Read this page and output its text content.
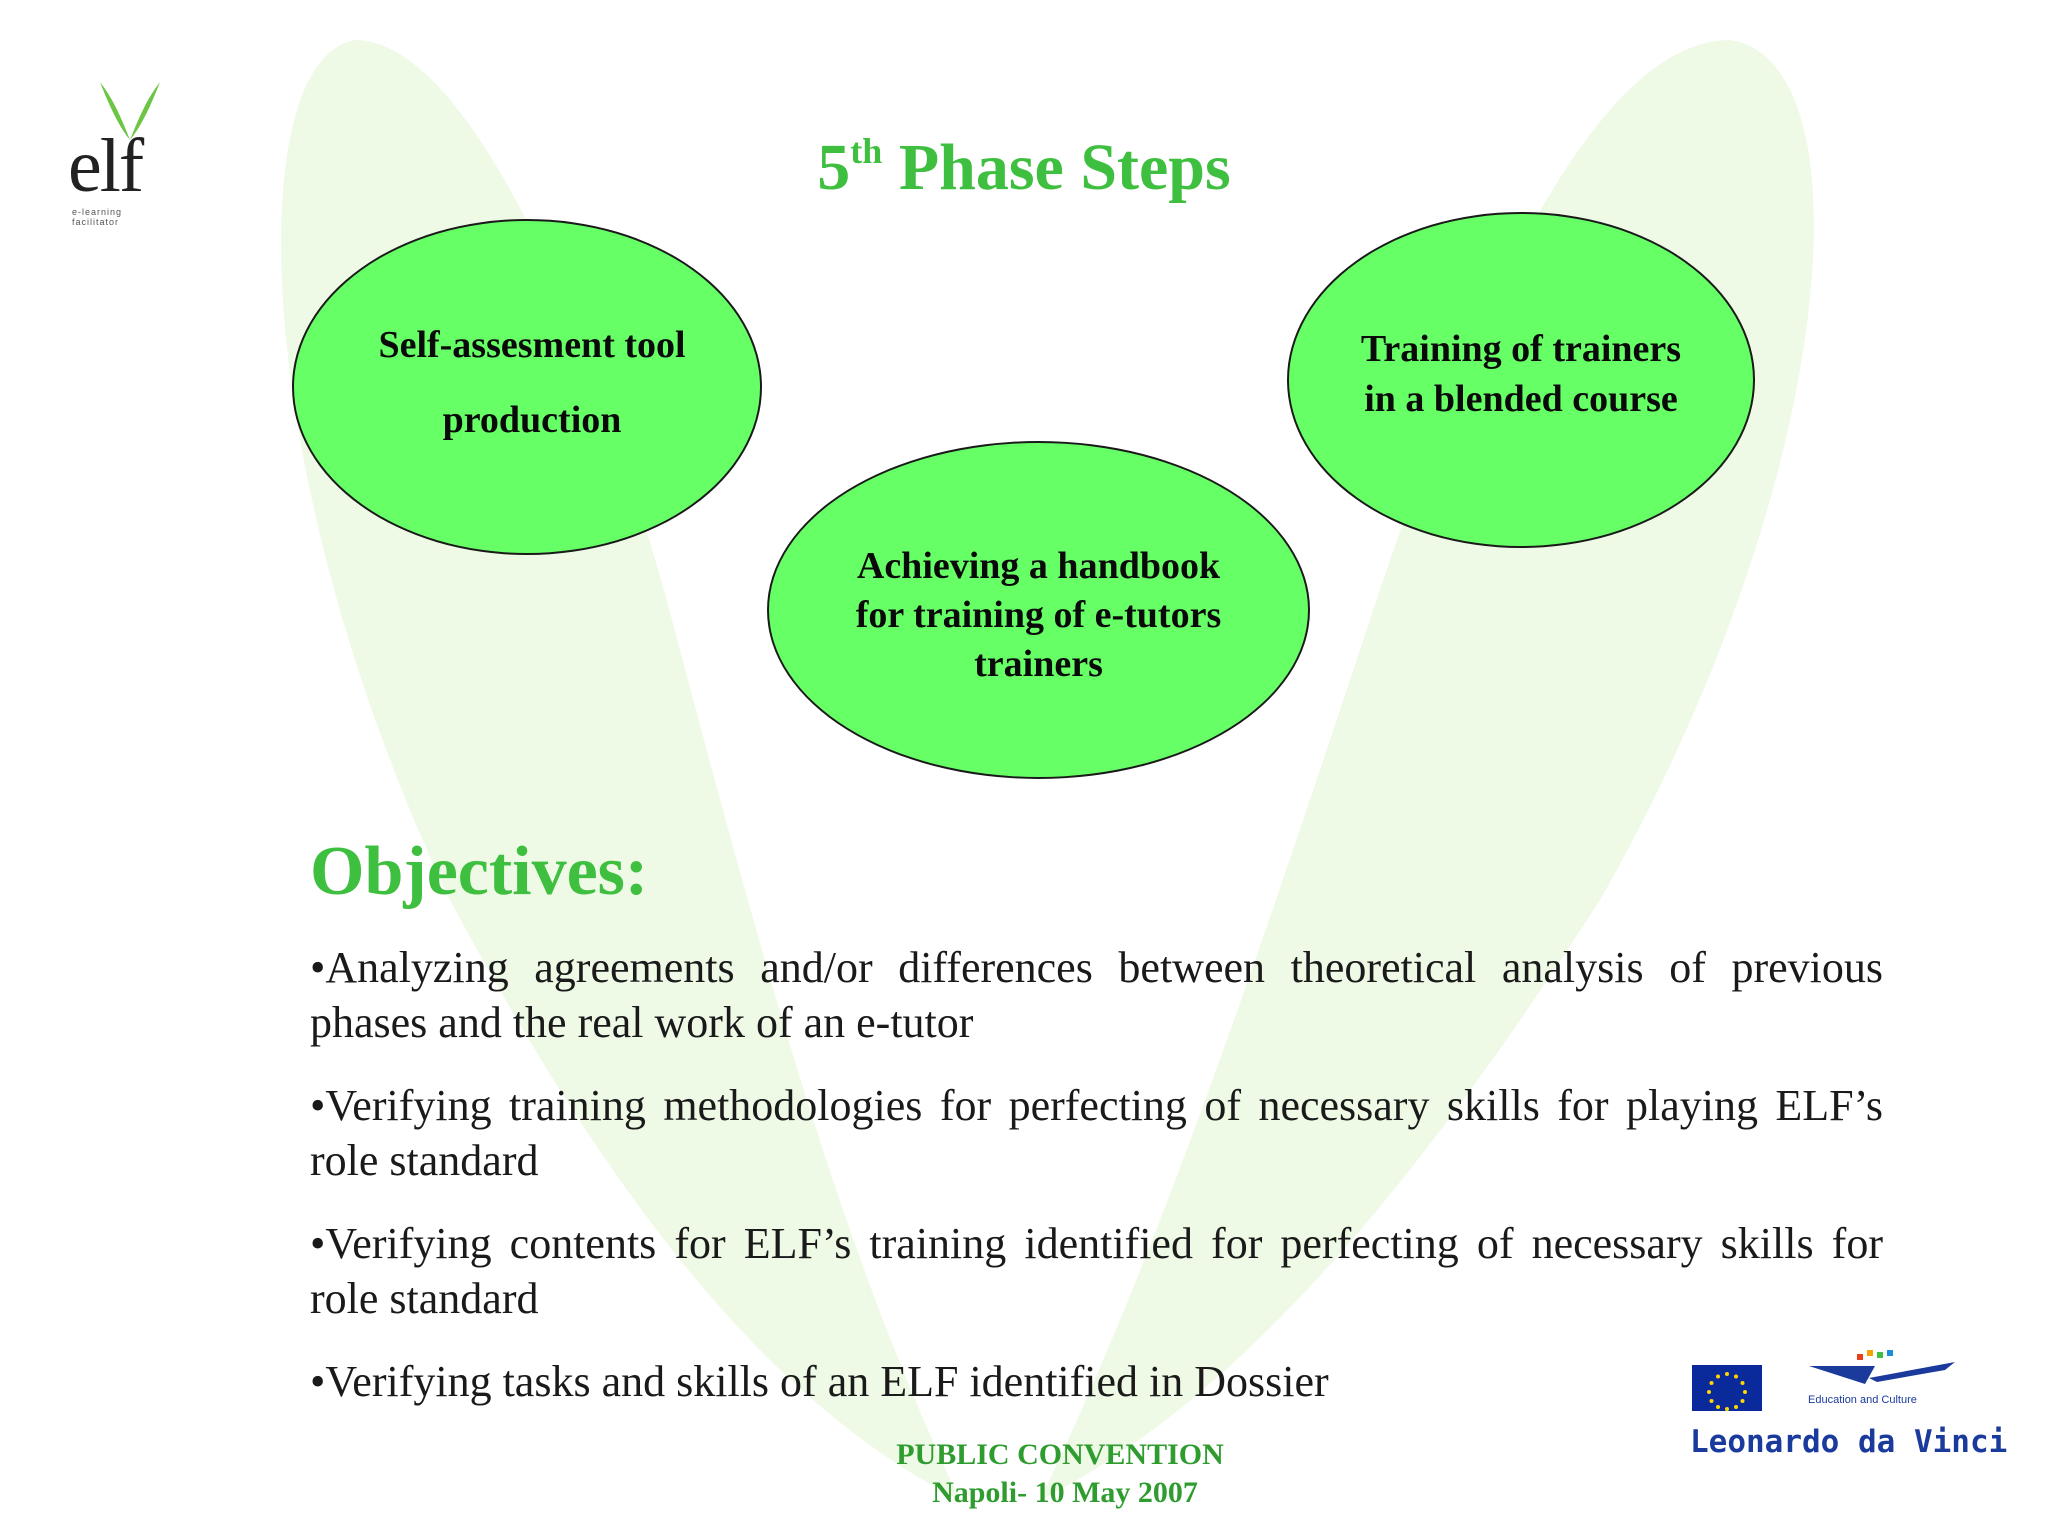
elf
e-learning facilitator
5th Phase Steps
Self-assesment tool
production
Training of trainers
in a blended course
Achieving a handbook
for training of e-tutors
trainers
Objectives:
•Analyzing agreements and/or differences between theoretical analysis of previous phases and the real work of an e-tutor
•Verifying training methodologies for perfecting of necessary skills for playing ELF’s role standard
•Verifying contents for ELF’s training identified for perfecting of necessary skills for role standard
•Verifying tasks and skills of an ELF identified in Dossier
PUBLIC CONVENTION
Napoli- 10 May 2007
Education and Culture
Leonardo da Vinci
